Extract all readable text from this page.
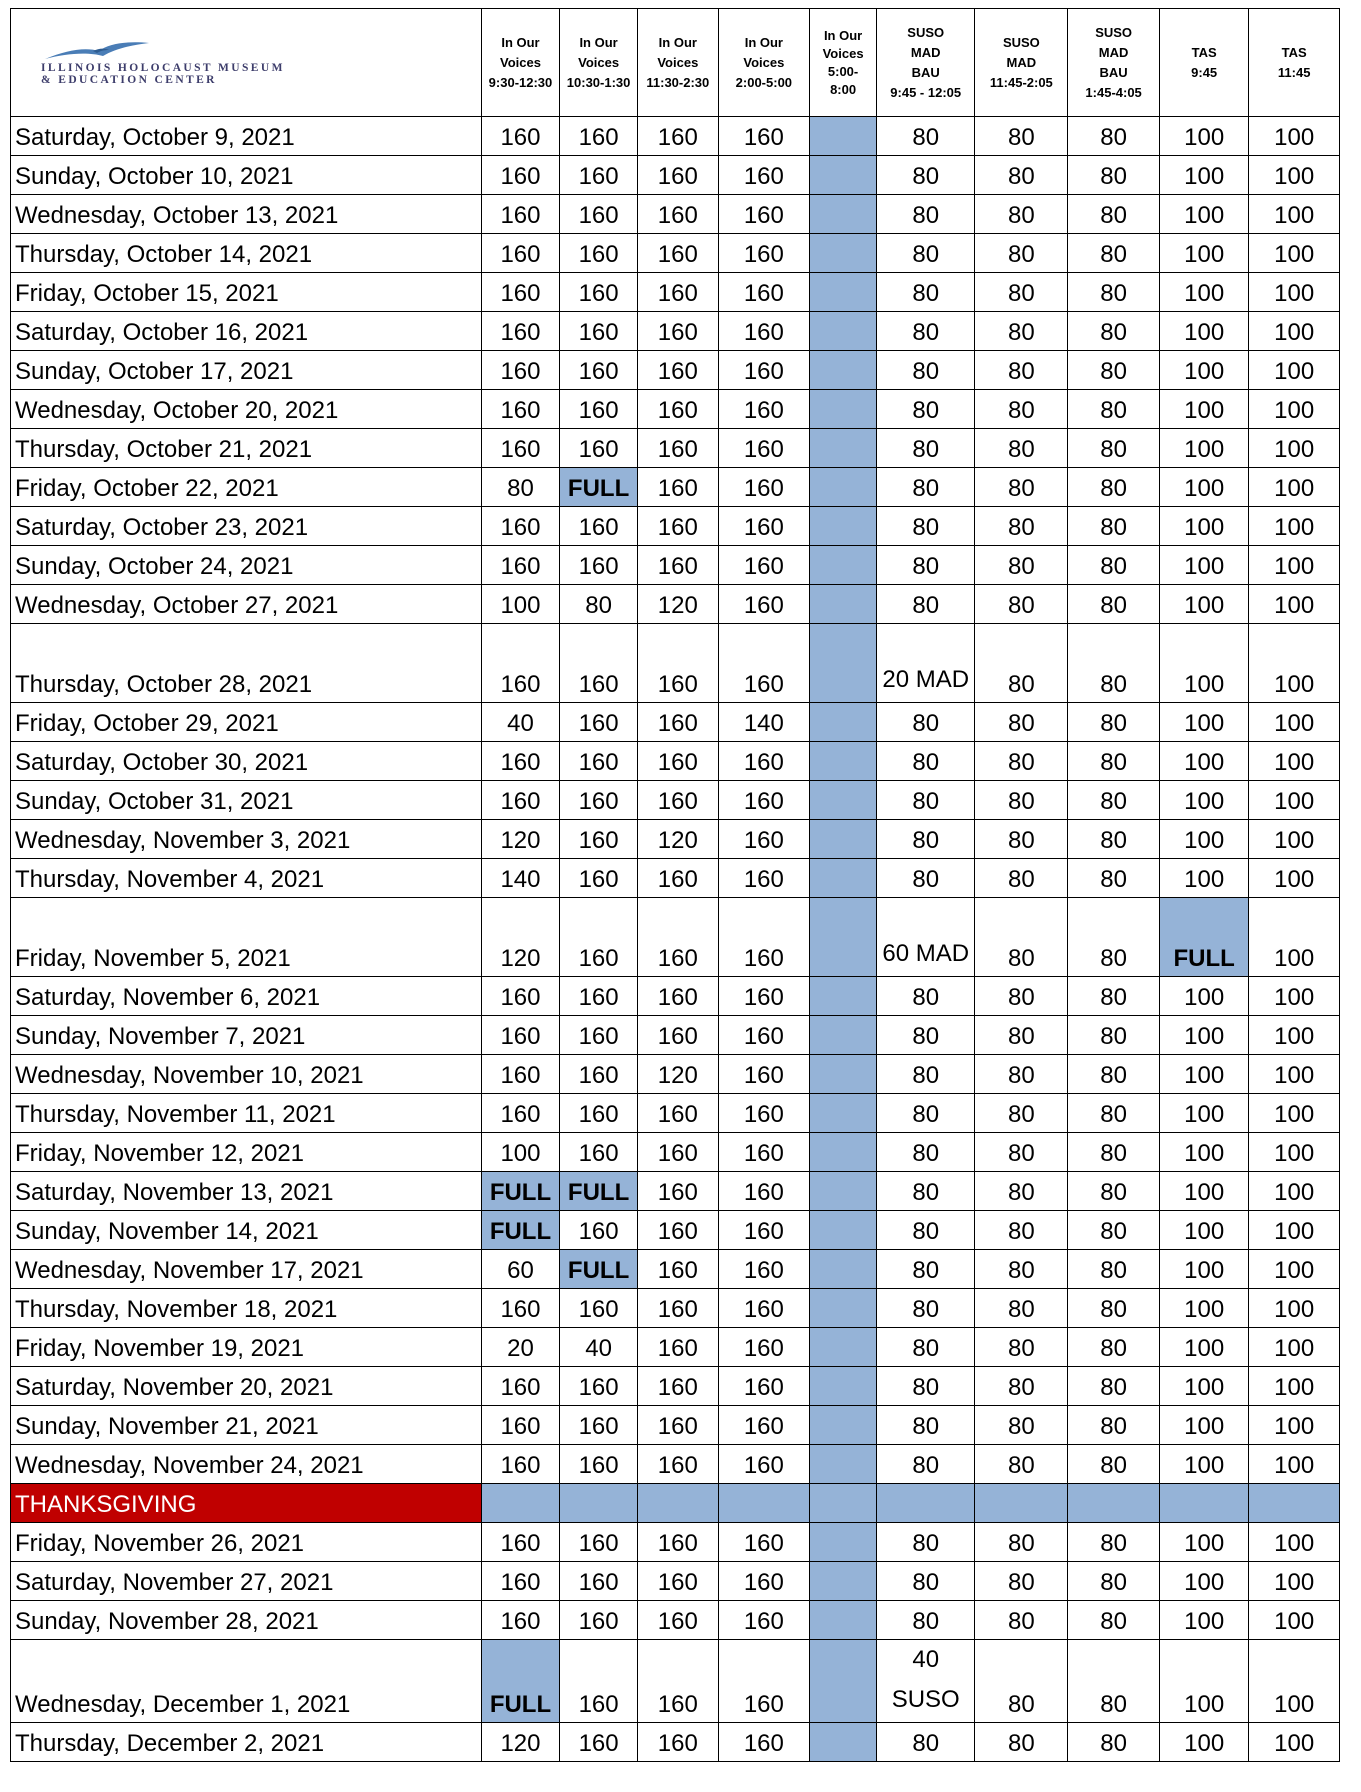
ILLINOIS HOLOCAUST MUSEUM
& EDUCATION CENTER	In Our
Voices
9:30-12:30	In Our
Voices
10:30-1:30	In Our
Voices
11:30-2:30	In Our
Voices
2:00-5:00	In Our
Voices
5:00-
8:00	SUSO
MAD
BAU
9:45 - 12:05	SUSO
MAD
11:45-2:05	SUSO
MAD
BAU
1:45-4:05	TAS
9:45	TAS
11:45
Saturday, October 9, 2021	160	160	160	160		80	80	80	100	100
Sunday, October 10, 2021	160	160	160	160		80	80	80	100	100
Wednesday, October 13, 2021	160	160	160	160		80	80	80	100	100
Thursday, October 14, 2021	160	160	160	160		80	80	80	100	100
Friday, October 15, 2021	160	160	160	160		80	80	80	100	100
Saturday, October 16, 2021	160	160	160	160		80	80	80	100	100
Sunday, October 17, 2021	160	160	160	160		80	80	80	100	100
Wednesday, October 20, 2021	160	160	160	160		80	80	80	100	100
Thursday, October 21, 2021	160	160	160	160		80	80	80	100	100
Friday, October 22, 2021	80	FULL	160	160		80	80	80	100	100
Saturday, October 23, 2021	160	160	160	160		80	80	80	100	100
Sunday, October 24, 2021	160	160	160	160		80	80	80	100	100
Wednesday, October 27, 2021	100	80	120	160		80	80	80	100	100
Thursday, October 28, 2021	160	160	160	160		20 MAD	80	80	100	100
Friday, October 29, 2021	40	160	160	140		80	80	80	100	100
Saturday, October 30, 2021	160	160	160	160		80	80	80	100	100
Sunday, October 31, 2021	160	160	160	160		80	80	80	100	100
Wednesday, November 3, 2021	120	160	120	160		80	80	80	100	100
Thursday, November 4, 2021	140	160	160	160		80	80	80	100	100
Friday, November 5, 2021	120	160	160	160		60 MAD	80	80	FULL	100
Saturday, November 6, 2021	160	160	160	160		80	80	80	100	100
Sunday, November 7, 2021	160	160	160	160		80	80	80	100	100
Wednesday, November 10, 2021	160	160	120	160		80	80	80	100	100
Thursday, November 11, 2021	160	160	160	160		80	80	80	100	100
Friday, November 12, 2021	100	160	160	160		80	80	80	100	100
Saturday, November 13, 2021	FULL	FULL	160	160		80	80	80	100	100
Sunday, November 14, 2021	FULL	160	160	160		80	80	80	100	100
Wednesday, November 17, 2021	60	FULL	160	160		80	80	80	100	100
Thursday, November 18, 2021	160	160	160	160		80	80	80	100	100
Friday, November 19, 2021	20	40	160	160		80	80	80	100	100
Saturday, November 20, 2021	160	160	160	160		80	80	80	100	100
Sunday, November 21, 2021	160	160	160	160		80	80	80	100	100
Wednesday, November 24, 2021	160	160	160	160		80	80	80	100	100
THANKSGIVING										
Friday, November 26, 2021	160	160	160	160		80	80	80	100	100
Saturday, November 27, 2021	160	160	160	160		80	80	80	100	100
Sunday, November 28, 2021	160	160	160	160		80	80	80	100	100
Wednesday, December 1, 2021	FULL	160	160	160		40 SUSO	80	80	100	100
Thursday, December 2, 2021	120	160	160	160		80	80	80	100	100
